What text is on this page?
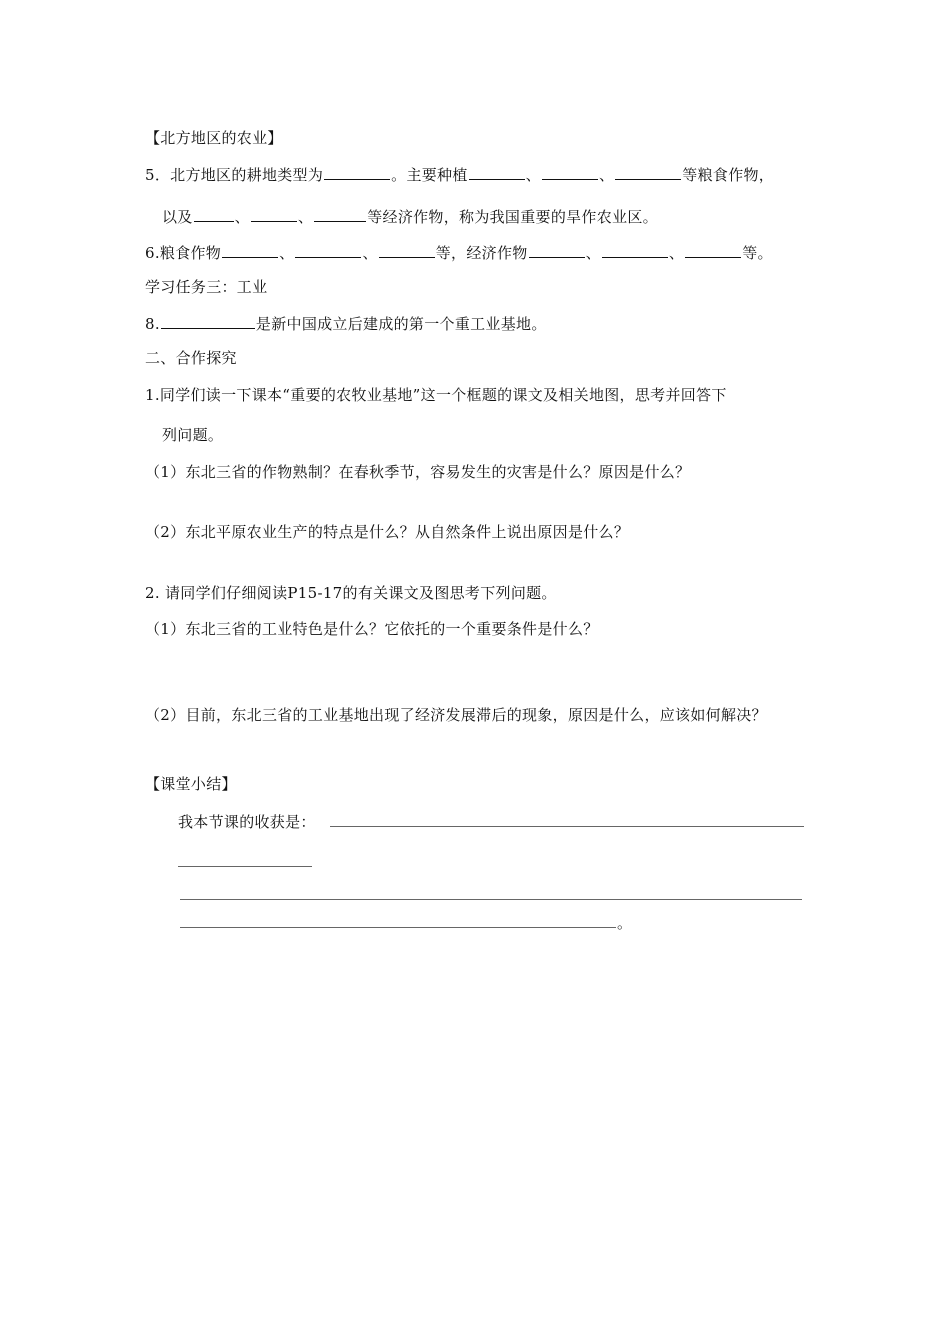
【北方地区的农业】
5．北方地区的耕地类型为	。主要种植	、	、	等粮食作物，
以及	、	、	等经济作物，称为我国重要的旱作农业区。
6.粮食作物	、	、	等，经济作物	、	、	等。
学习任务三：工业
8.	是新中国成立后建成的第一个重工业基地。
二、合作探究
1.同学们读一下课本“重要的农牧业基地”这一个框题的课文及相关地图，思考并回答下
列问题。
（1）东北三省的作物熟制？在春秋季节，容易发生的灾害是什么？原因是什么？
（2）东北平原农业生产的特点是什么？从自然条件上说出原因是什么？
2. 请同学们仔细阅读P15-17的有关课文及图思考下列问题。
（1）东北三省的工业特色是什么？它依托的一个重要条件是什么？
（2）目前，东北三省的工业基地出现了经济发展滞后的现象，原因是什么，应该如何解决？
【课堂小结】
我本节课的收获是：
。
